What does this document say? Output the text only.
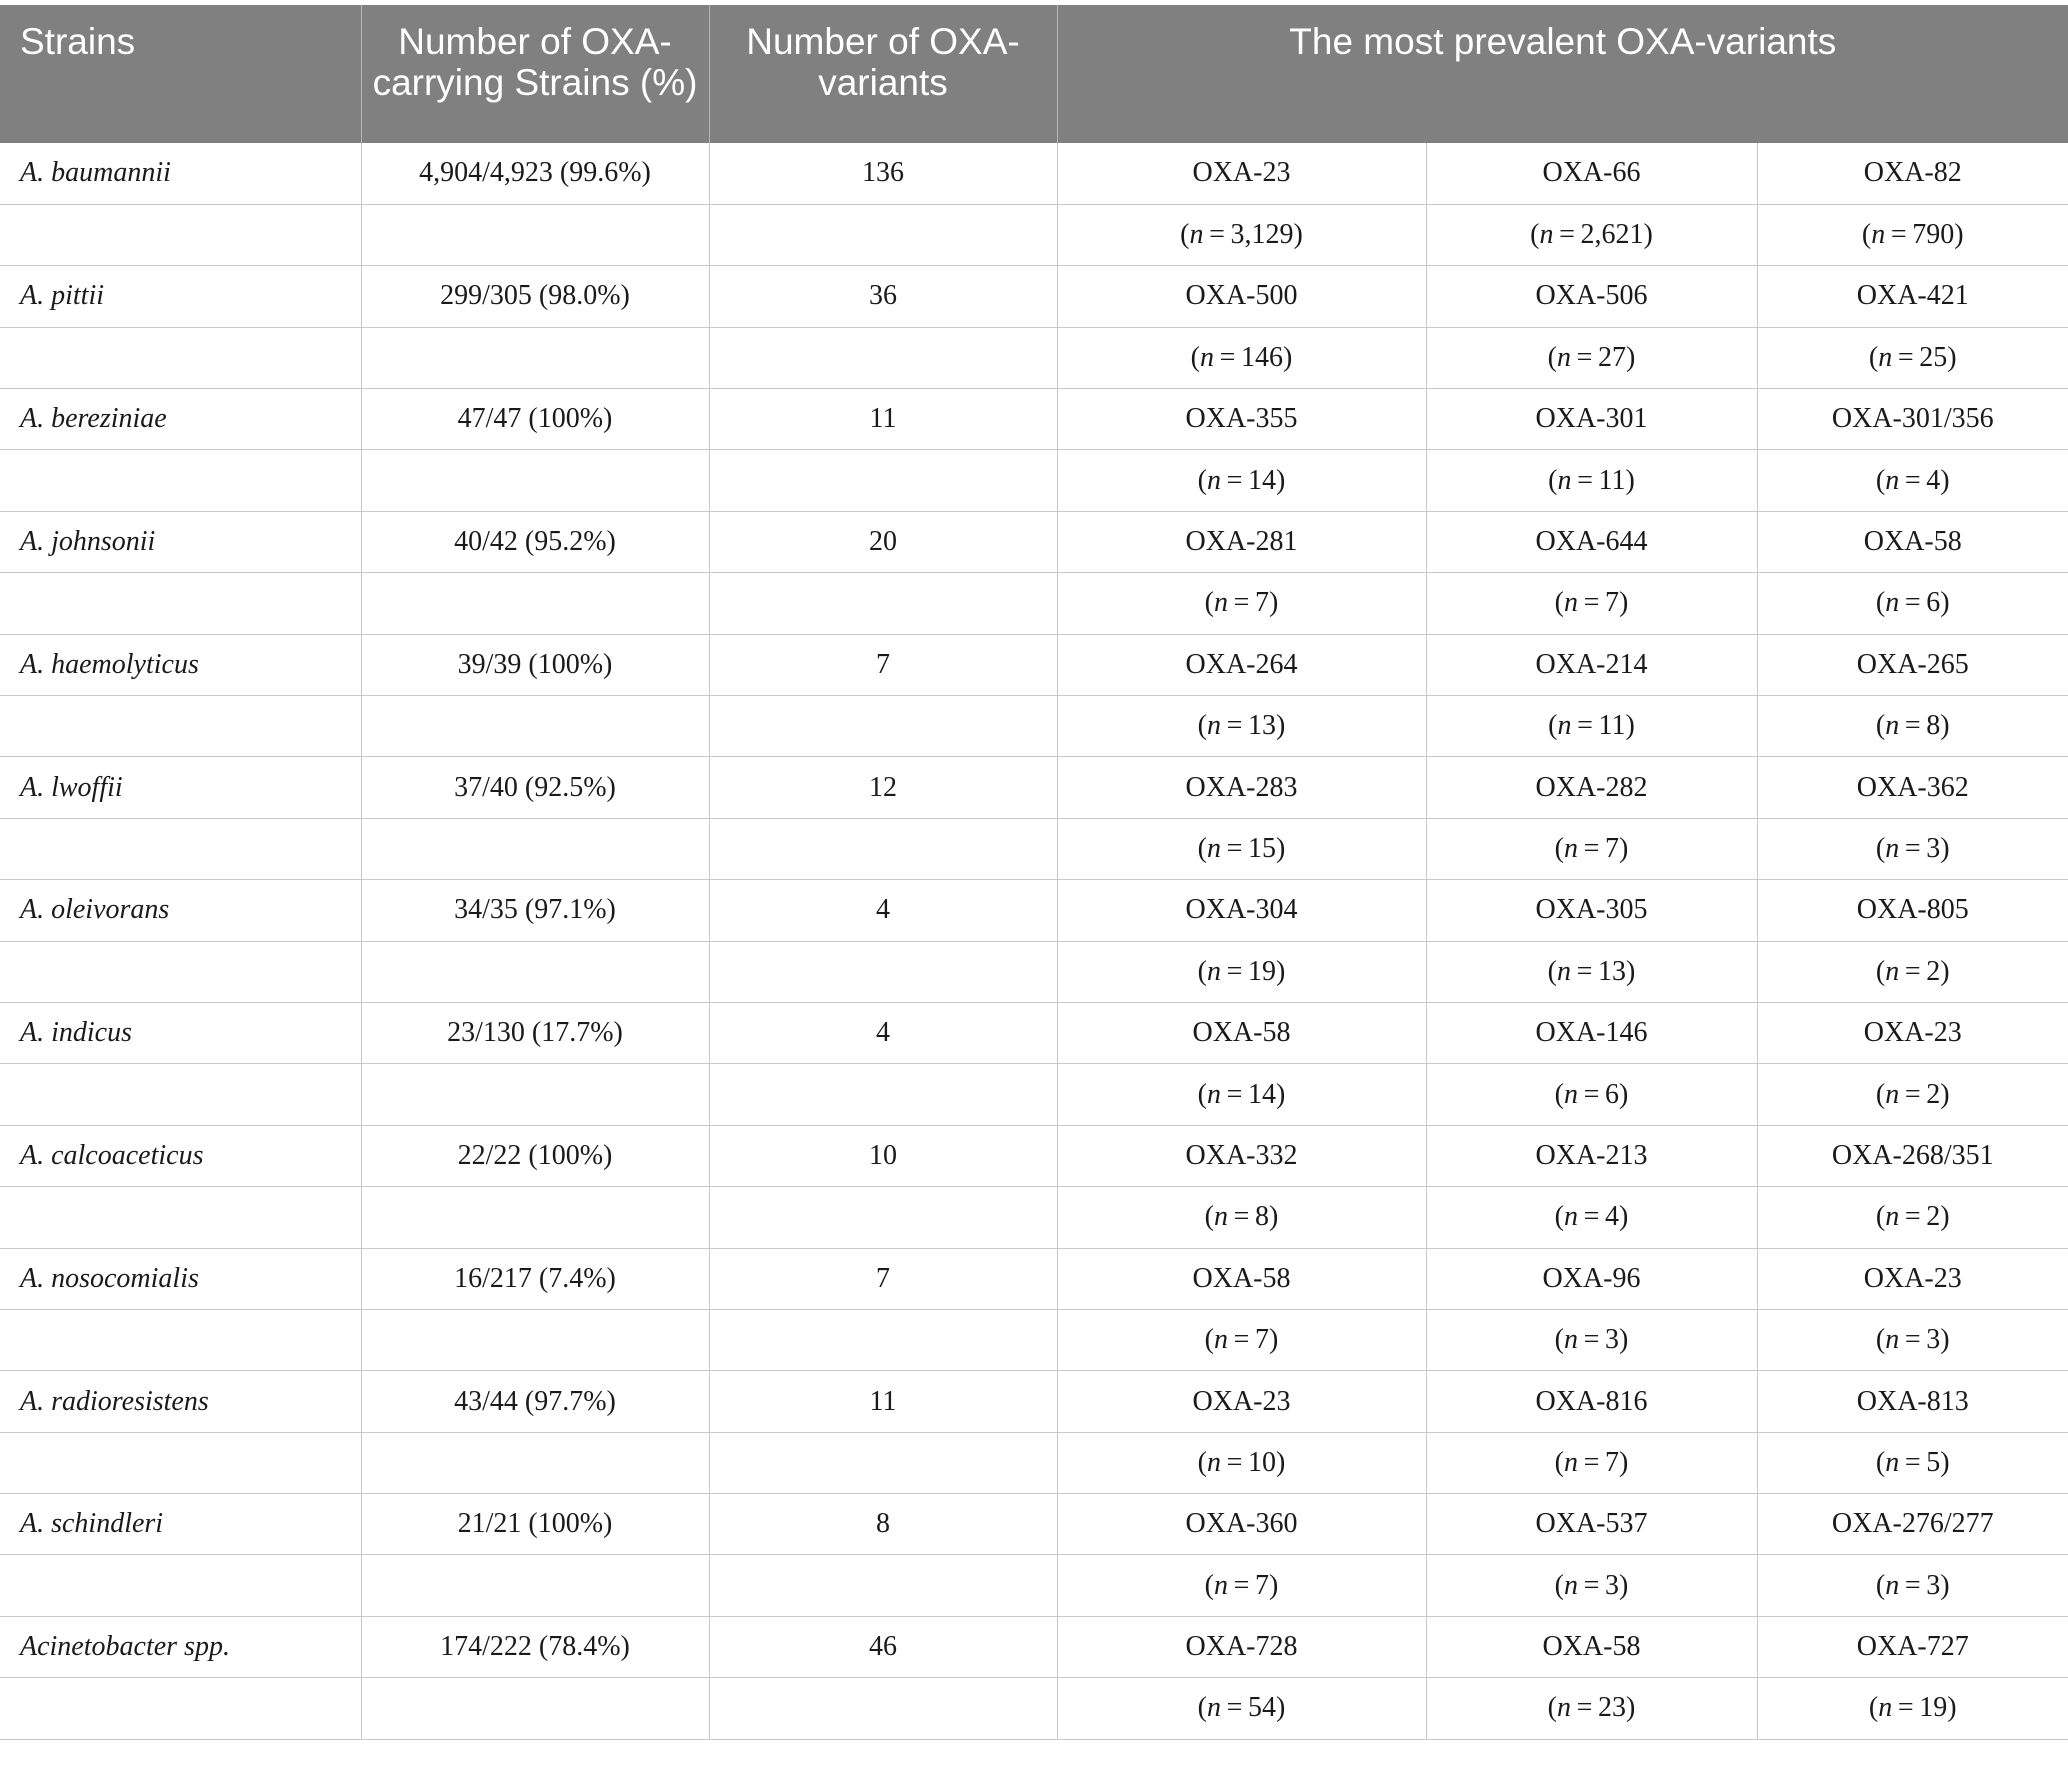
Strains	Number of OXA-carrying Strains (%)	Number of OXA-variants	The most prevalent OXA-variants		
A. baumannii	4,904/4,923 (99.6%)	136	OXA-23	OXA-66	OXA-82
			(n = 3,129)	(n = 2,621)	(n = 790)
A. pittii	299/305 (98.0%)	36	OXA-500	OXA-506	OXA-421
			(n = 146)	(n = 27)	(n = 25)
A. bereziniae	47/47 (100%)	11	OXA-355	OXA-301	OXA-301/356
			(n = 14)	(n = 11)	(n = 4)
A. johnsonii	40/42 (95.2%)	20	OXA-281	OXA-644	OXA-58
			(n = 7)	(n = 7)	(n = 6)
A. haemolyticus	39/39 (100%)	7	OXA-264	OXA-214	OXA-265
			(n = 13)	(n = 11)	(n = 8)
A. lwoffii	37/40 (92.5%)	12	OXA-283	OXA-282	OXA-362
			(n = 15)	(n = 7)	(n = 3)
A. oleivorans	34/35 (97.1%)	4	OXA-304	OXA-305	OXA-805
			(n = 19)	(n = 13)	(n = 2)
A. indicus	23/130 (17.7%)	4	OXA-58	OXA-146	OXA-23
			(n = 14)	(n = 6)	(n = 2)
A. calcoaceticus	22/22 (100%)	10	OXA-332	OXA-213	OXA-268/351
			(n = 8)	(n = 4)	(n = 2)
A. nosocomialis	16/217 (7.4%)	7	OXA-58	OXA-96	OXA-23
			(n = 7)	(n = 3)	(n = 3)
A. radioresistens	43/44 (97.7%)	11	OXA-23	OXA-816	OXA-813
			(n = 10)	(n = 7)	(n = 5)
A. schindleri	21/21 (100%)	8	OXA-360	OXA-537	OXA-276/277
			(n = 7)	(n = 3)	(n = 3)
Acinetobacter spp.	174/222 (78.4%)	46	OXA-728	OXA-58	OXA-727
			(n = 54)	(n = 23)	(n = 19)
